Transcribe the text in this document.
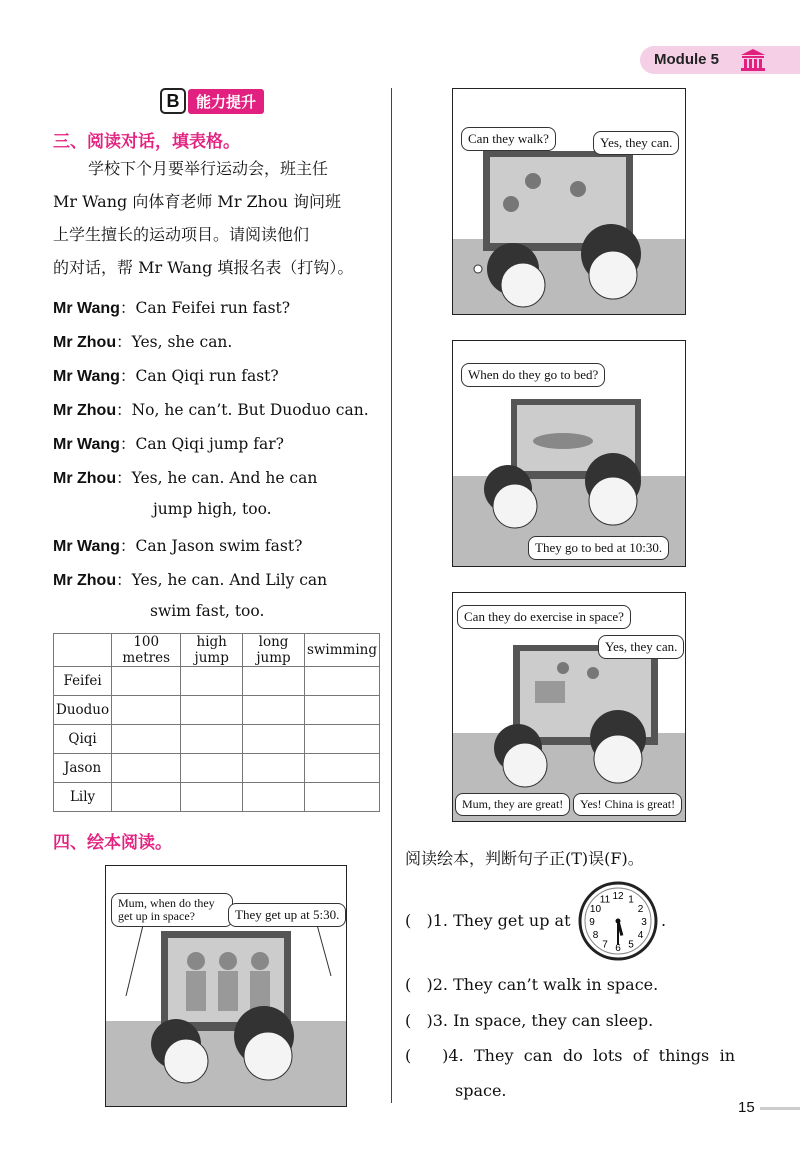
Module 5
B	能力提升
三、阅读对话，填表格。
学校下个月要举行运动会，班主任
Mr Wang 向体育老师 Mr Zhou 询问班
上学生擅长的运动项目。请阅读他们
的对话，帮 Mr Wang 填报名表（打钩）。
Mr Wang：Can Feifei run fast?
Mr Zhou：Yes, she can.
Mr Wang：Can Qiqi run fast?
Mr Zhou：No, he can’t. But Duoduo can.
Mr Wang：Can Qiqi jump far?
Mr Zhou：Yes, he can. And he can
jump high, too.
Mr Wang：Can Jason swim fast?
Mr Zhou：Yes, he can. And Lily can
swim fast, too.
	100 metres	high jump	long jump	swimming
Feifei				
Duoduo				
Qiqi				
Jason				
Lily				
四、绘本阅读。
Mum, when do they get up in space?	They get up at 5:30.
Can they walk?	Yes, they can.
When do they go to bed?
They go to bed at 10:30.
Can they do exercise in space?
Yes, they can.
Mum, they are great!	Yes! China is great!
阅读绘本，判断句子正(T)误(F)。
(   )1. They get up at
12 1
2
3
4
5
6
7
8
9
10
11
.
(   )2. They can’t walk in space.
(   )3. In space, they can sleep.
(   )4. They can do lots of things in
space.
15
